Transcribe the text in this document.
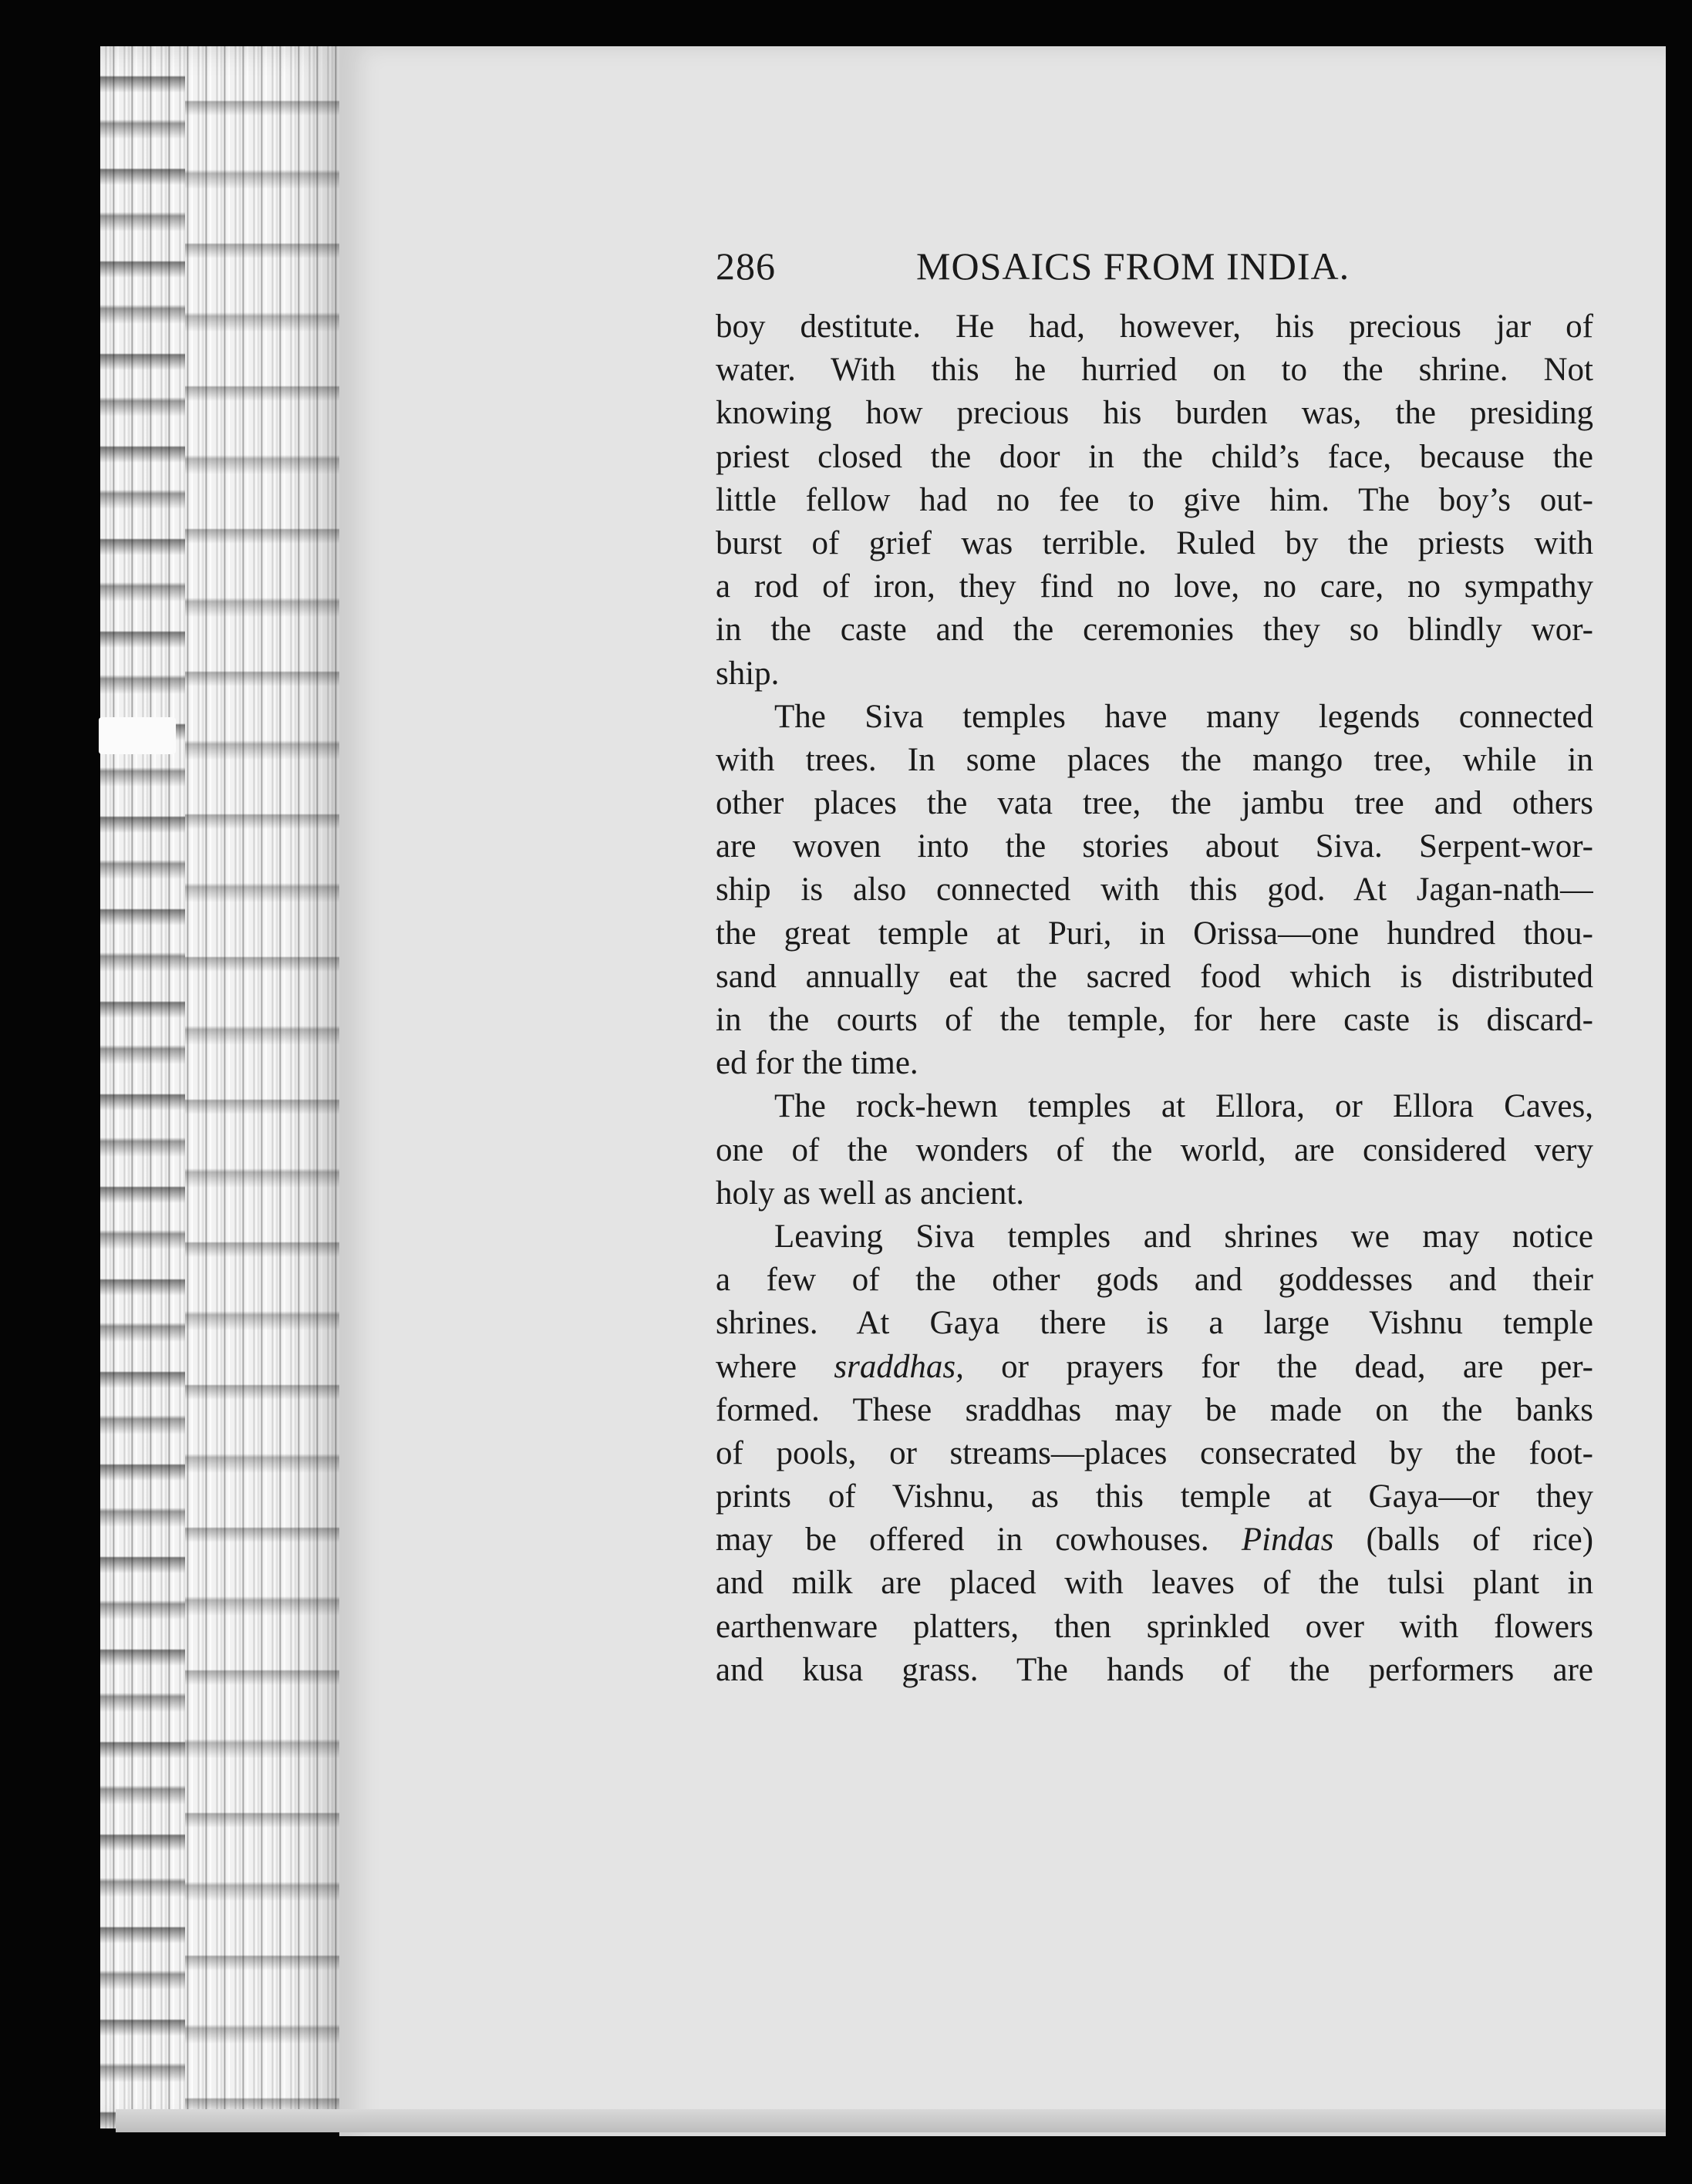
286	MOSAICS FROM INDIA.
boy destitute. He had, however, his precious jar of
water. With this he hurried on to the shrine. Not
knowing how precious his burden was, the presiding
priest closed the door in the child’s face, because the
little fellow had no fee to give him. The boy’s out-
burst of grief was terrible. Ruled by the priests with
a rod of iron, they find no love, no care, no sympathy
in the caste and the ceremonies they so blindly wor-
ship.
The Siva temples have many legends connected
with trees. In some places the mango tree, while in
other places the vata tree, the jambu tree and others
are woven into the stories about Siva. Serpent-wor-
ship is also connected with this god. At Jagan-nath—
the great temple at Puri, in Orissa—one hundred thou-
sand annually eat the sacred food which is distributed
in the courts of the temple, for here caste is discard-
ed for the time.
The rock-hewn temples at Ellora, or Ellora Caves,
one of the wonders of the world, are considered very
holy as well as ancient.
Leaving Siva temples and shrines we may notice
a few of the other gods and goddesses and their
shrines. At Gaya there is a large Vishnu temple
where sraddhas, or prayers for the dead, are per-
formed. These sraddhas may be made on the banks
of pools, or streams—places consecrated by the foot-
prints of Vishnu, as this temple at Gaya—or they
may be offered in cowhouses. Pindas (balls of rice)
and milk are placed with leaves of the tulsi plant in
earthenware platters, then sprinkled over with flowers
and kusa grass. The hands of the performers are
